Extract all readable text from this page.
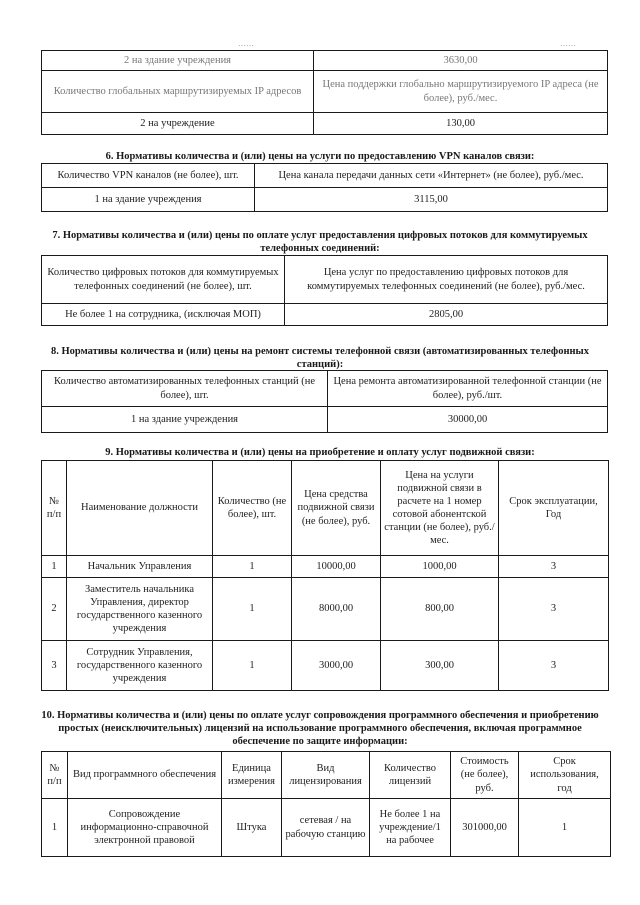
……	……
2 на здание учреждения	3630,00
Количество глобальных маршрутизируемых IP адресов	Цена поддержки глобально маршрутизируемого IP адреса (не более), руб./мес.
2 на учреждение	130,00
6. Нормативы количества и (или) цены на услуги по предоставлению VPN каналов связи:
Количество VPN каналов (не более), шт.	Цена канала передачи данных сети «Интернет» (не более), руб./мес.
1 на здание учреждения	3115,00
7. Нормативы количества и (или) цены по оплате услуг предоставления цифровых потоков для коммутируемых телефонных соединений:
Количество цифровых потоков для коммутируемых телефонных соединений (не более), шт.	Цена услуг по предоставлению цифровых потоков для коммутируемых телефонных соединений (не более), руб./мес.
Не более 1 на сотрудника, (исключая МОП)	2805,00
8. Нормативы количества и (или) цены на ремонт системы телефонной связи (автоматизированных телефонных станций):
Количество автоматизированных телефонных станций (не более), шт.	Цена ремонта автоматизированной телефонной станции (не более), руб./шт.
1 на здание учреждения	30000,00
9. Нормативы количества и (или) цены на приобретение и оплату услуг подвижной связи:
№ п/п	Наименование должности	Количество (не более), шт.	Цена средства подвижной связи (не более), руб.	Цена на услуги подвижной связи в расчете на 1 номер сотовой абонентской станции (не более), руб./мес.	Срок эксплуатации, Год
1	Начальник Управления	1	10000,00	1000,00	3
2	Заместитель начальника Управления, директор государственного казенного учреждения	1	8000,00	800,00	3
3	Сотрудник Управления, государственного казенного учреждения	1	3000,00	300,00	3
10. Нормативы количества и (или) цены по оплате услуг сопровождения программного обеспечения и приобретению простых (неисключительных) лицензий на использование программного обеспечения, включая программное обеспечение по защите информации:
№ п/п	Вид программного обеспечения	Единица измерения	Вид лицензирования	Количество лицензий	Стоимость (не более), руб.	Срок использования, год
1	Сопровождение информационно-справочной электронной правовой	Штука	сетевая / на рабочую станцию	Не более 1 на учреждение/1 на рабочее	301000,00	1
